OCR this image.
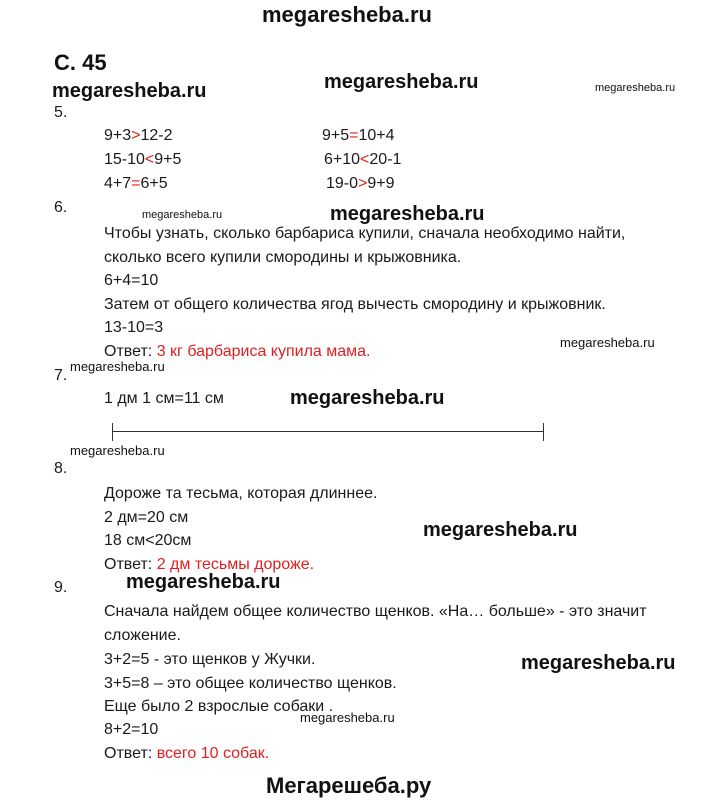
megaresheba.ru
С. 45
megaresheba.ru	megaresheba.ru	megaresheba.ru
5.
9+3>12-2	9+5=10+4
15-10<9+5	6+10<20-1
4+7=6+5	19-0>9+9
6.	megaresheba.ru	megaresheba.ru
Чтобы узнать, сколько барбариса купили, сначала необходимо найти,
сколько всего купили смородины и крыжовника.
6+4=10
Затем от общего количества ягод вычесть смородину и крыжовник.
13-10=3
Ответ: 3 кг барбариса купила мама.
megaresheba.ru
7.
megaresheba.ru
1 дм 1 см=11 см	megaresheba.ru
megaresheba.ru
8.
Дороже та тесьма, которая длиннее.
2 дм=20 см
megaresheba.ru
18 см<20см
Ответ: 2 дм тесьмы дороже.
megaresheba.ru
9.
Сначала найдем общее количество щенков. «На… больше» - это значит
сложение.
3+2=5 - это щенков у Жучки.	megaresheba.ru
3+5=8 – это общее количество щенков.
Еще было 2 взрослые собаки .
megaresheba.ru
8+2=10
Ответ: всего 10 собак.
Мегарешеба.ру
